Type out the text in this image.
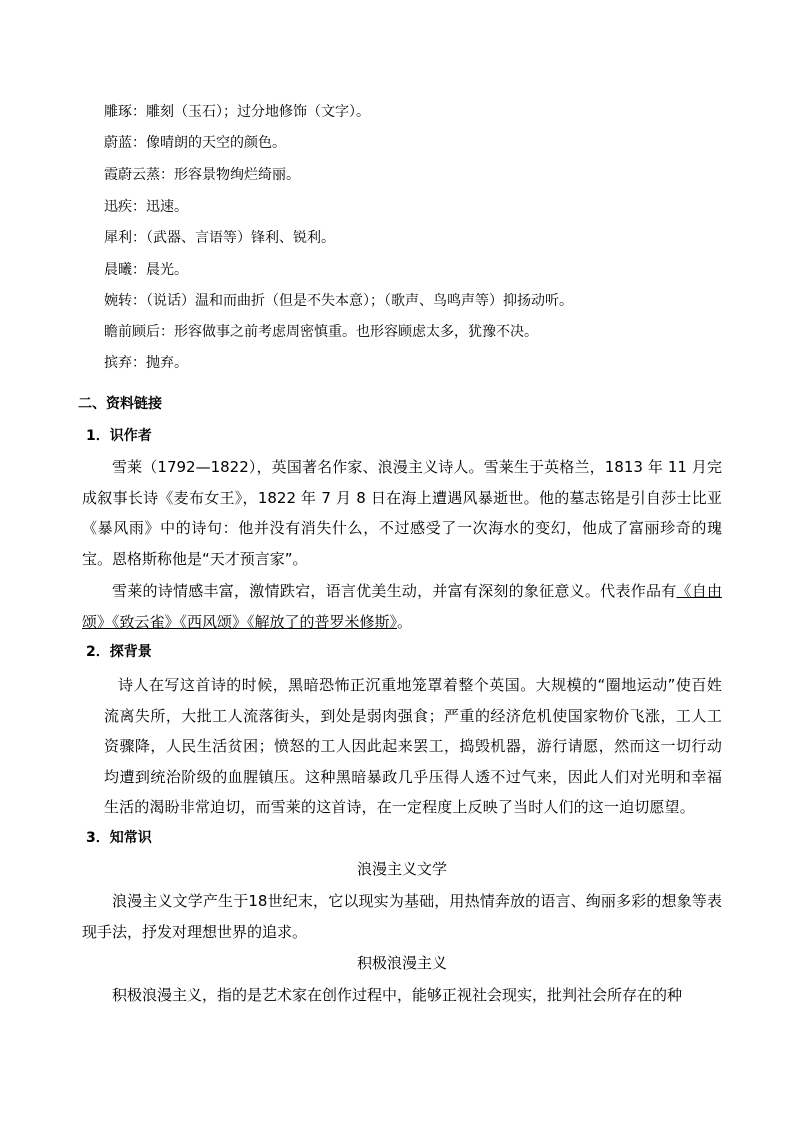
雕琢：雕刻（玉石）；过分地修饰（文字）。
蔚蓝：像晴朗的天空的颜色。
霞蔚云蒸：形容景物绚烂绮丽。
迅疾：迅速。
犀利：（武器、言语等）锋利、锐利。
晨曦：晨光。
婉转：（说话）温和而曲折（但是不失本意）；（歌声、鸟鸣声等）抑扬动听。
瞻前顾后：形容做事之前考虑周密慎重。也形容顾虑太多，犹豫不决。
摈弃：抛弃。
二、资料链接
1．识作者

雪莱（1792—1822），英国著名作家、浪漫主义诗人。雪莱生于英格兰，1813 年 11 月完成叙事长诗《麦布女王》，1822 年 7 月 8 日在海上遭遇风暴逝世。他的墓志铭是引自莎士比亚《暴风雨》中的诗句：他并没有消失什么，不过感受了一次海水的变幻，他成了富丽珍奇的瑰宝。恩格斯称他是“天才预言家”。

雪莱的诗情感丰富，激情跌宕，语言优美生动，并富有深刻的象征意义。代表作品有《自由颂》《致云雀》《西风颂》《解放了的普罗米修斯》。

2．探背景

诗人在写这首诗的时候，黑暗恐怖正沉重地笼罩着整个英国。大规模的“圈地运动”使百姓流离失所，大批工人流落街头，到处是弱肉强食；严重的经济危机使国家物价飞涨，工人工资骤降，人民生活贫困；愤怒的工人因此起来罢工，捣毁机器，游行请愿，然而这一切行动均遭到统治阶级的血腥镇压。这种黑暗暴政几乎压得人透不过气来，因此人们对光明和幸福生活的渴盼非常迫切，而雪莱的这首诗，在一定程度上反映了当时人们的这一迫切愿望。

3．知常识
浪漫主义文学

浪漫主义文学产生于18世纪末，它以现实为基础，用热情奔放的语言、绚丽多彩的想象等表现手法，抒发对理想世界的追求。

积极浪漫主义

积极浪漫主义，指的是艺术家在创作过程中，能够正视社会现实，批判社会所存在的种
